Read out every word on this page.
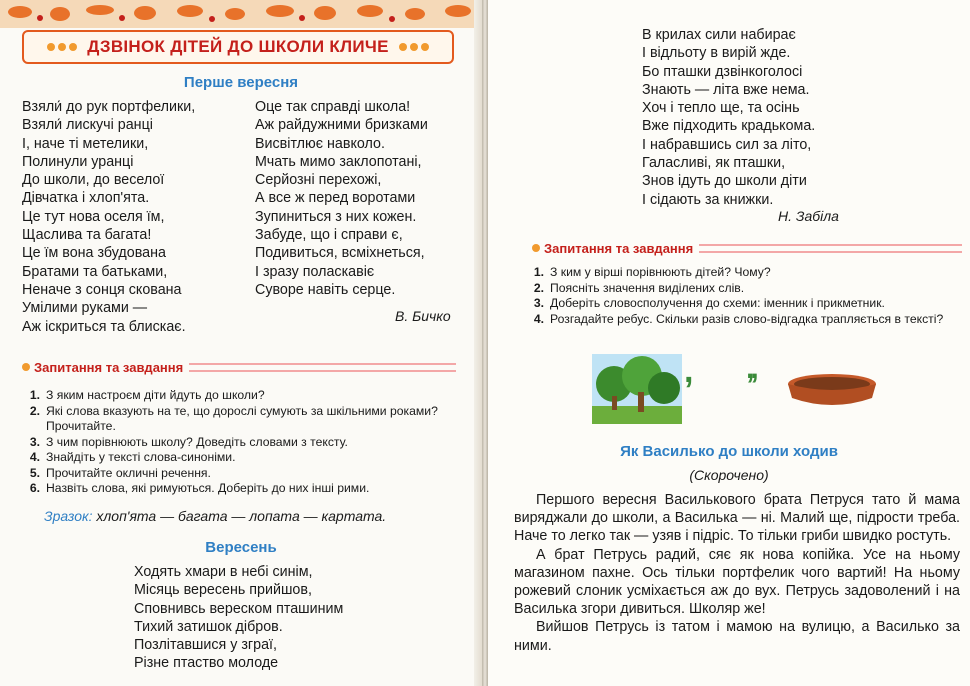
ДЗВІНОК ДІТЕЙ ДО ШКОЛИ КЛИЧЕ
Перше вересня
Взяли́ до рук портфелики,
Взяли́ лискучі ранці
І, наче ті метелики,
Полинули уранці
До школи, до веселої
Дівчатка і хлоп'ята.
Це тут нова оселя їм,
Щаслива та багата!
Це їм вона збудована
Братами та батьками,
Неначе з сонця скована
Умілими руками —
Аж іскриться та блискає.
Оце так справді школа!
Аж райдужними бризками
Висвітлює навколо.
Мчать мимо заклопотані,
Серйозні перехожі,
А все ж перед воротами
Зупиниться з них кожен.
Забуде, що і справи є,
Подивиться, всміхнеться,
І зразу поласкавіє
Суворе навіть серце.
В. Бичко
Запитання та завдання
1. З яким настроєм діти йдуть до школи?
2. Які слова вказують на те, що дорослі сумують за шкільними роками? Прочитайте.
3. З чим порівнюють школу? Доведіть словами з тексту.
4. Знайдіть у тексті слова-синоніми.
5. Прочитайте окличні речення.
6. Назвіть слова, які римуються. Доберіть до них інші рими.
Зразок: хлоп'ята — багата — лопата — картата.
Вересень
Ходять хмари в небі синім,
Місяць вересень прийшов,
Сповнивсь вереском пташиним
Тихий затишок дібров.
Позлітавшися у зграї,
Різне птаство молоде
В крилах сили набирає
І відльоту в вирій жде.
Бо пташки дзвінкоголосі
Знають — літа вже нема.
Хоч і тепло ще, та осінь
Вже підходить крадькома.
І набравшись сил за літо,
Галасливі, як пташки,
Знов ідуть до школи діти
І сідають за книжки.
Н. Забіла
Запитання та завдання
1. З ким у вірші порівнюють дітей? Чому?
2. Поясніть значення виділених слів.
3. Доберіть словосполучення до схеми: іменник і прикметник.
4. Розгадайте ребус. Скільки разів слово-відгадка трапляється в тексті?
, ,,
Як Василько до школи ходив
(Скорочено)

Першого вересня Василькового брата Петруся тато й мама виряджали до школи, а Василька — ні. Малий ще, підрости треба. Наче то легко так — узяв і підріс. То тільки гриби швидко ростуть.

А брат Петрусь радий, сяє як нова копійка. Усе на ньому магазином пахне. Ось тільки портфелик чого вартий! На ньому рожевий слоник усміхається аж до вух. Петрусь задоволений і на Василька згори дивиться. Школяр же!

Вийшов Петрусь із татом і мамою на вулицю, а Василько за ними.
